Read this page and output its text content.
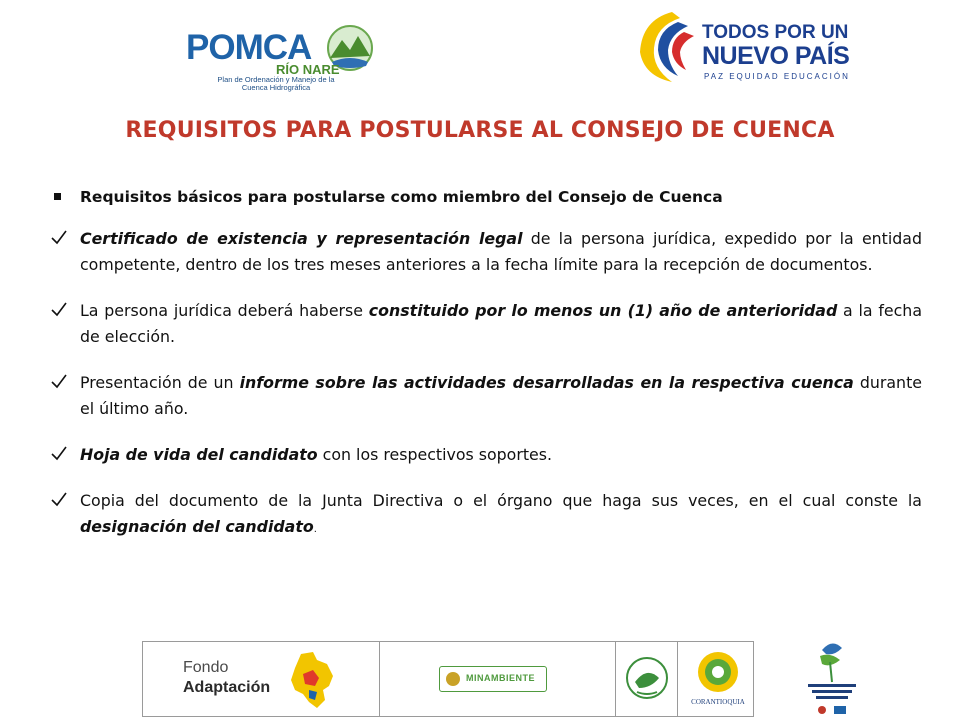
POMCA
RÍO NARE
Plan de Ordenación y Manejo de la Cuenca Hidrográfica
TODOS POR UN
NUEVO PAÍS
PAZ EQUIDAD EDUCACIÓN
REQUISITOS PARA POSTULARSE AL CONSEJO DE CUENCA
Requisitos básicos para postularse como miembro del Consejo de Cuenca
Certificado de existencia y representación legal de la persona jurídica, expedido por la entidad competente, dentro de los tres meses anteriores a la fecha límite para la recepción de documentos.
La persona jurídica deberá haberse constituido por lo menos un (1) año de anterioridad a la fecha de elección.
Presentación de un informe sobre las actividades desarrolladas en la respectiva cuenca durante el último año.
Hoja de vida del candidato con los respectivos soportes.
Copia del documento de la Junta Directiva o el órgano que haga sus veces, en el cual conste la designación del candidato.
Fondo
Adaptación
MINAMBIENTE
CORANTIOQUIA
